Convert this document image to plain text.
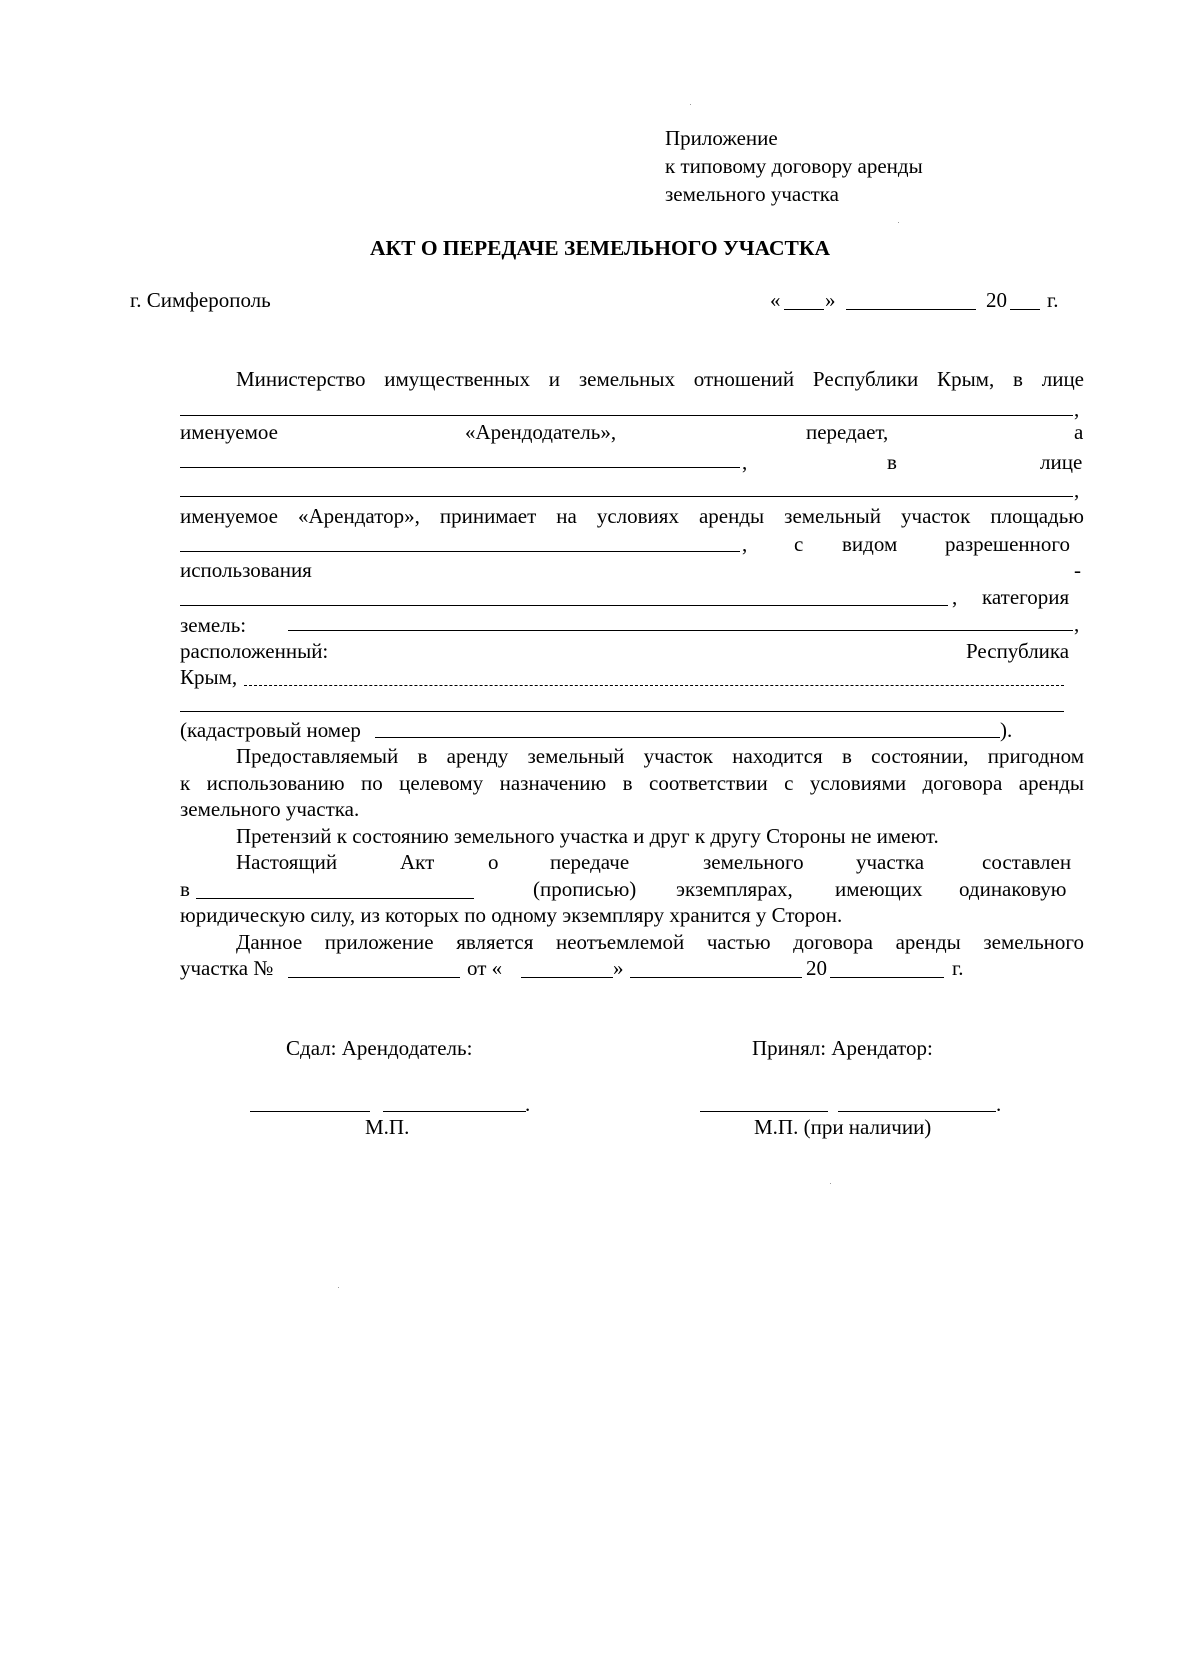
Приложение
к типовому договору аренды
земельного участка
АКТ О ПЕРЕДАЧЕ ЗЕМЕЛЬНОГО УЧАСТКА
г. Симферополь	« »	20 г.
Министерство имущественных и земельных отношений Республики Крым, в лице
,
именуемое	«Арендодатель»,	передает,	а
,	в	лице
,
именуемое «Арендатор», принимает на условиях аренды земельный участок площадью
, с видом разрешенного
использования	-
, категория
земель:	,
расположенный:	Республика
Крым,
(кадастровый номер	).
Предоставляемый в аренду земельный участок находится в состоянии, пригодном
к использованию по целевому назначению в соответствии с условиями договора аренды
земельного участка.
Претензий к состоянию земельного участка и друг к другу Стороны не имеют.
Настоящий	Акт	о передаче	земельного участка	составлен
в	(прописью) экземплярах, имеющих одинаковую
юридическую силу, из которых по одному экземпляру хранится у Сторон.
Данное приложение является неотъемлемой частью договора аренды земельного
участка №	от «	»	20	г.
Сдал: Арендодатель:	Принял: Арендатор:
.	.
М.П.	М.П. (при наличии)
